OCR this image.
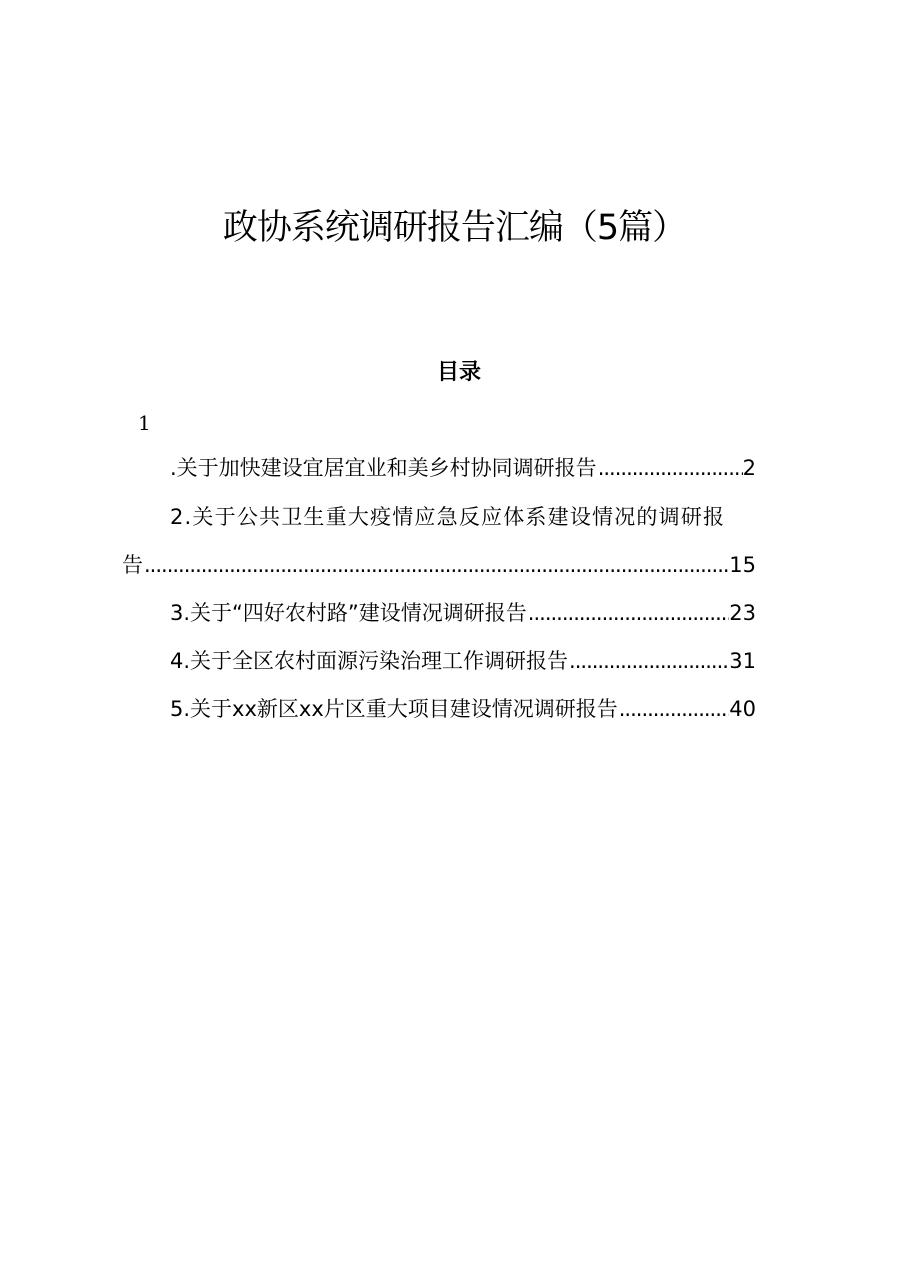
政协系统调研报告汇编（5篇）
目录
1
.关于加快建设宜居宜业和美乡村协同调研报告 .....	2
2.关于公共卫生重大疫情应急反应体系建设情况的调研报
告 .....	15
3.关于“四好农村路”建设情况调研报告 .....	23
4.关于全区农村面源污染治理工作调研报告 .....	31
5.关于xx新区xx片区重大项目建设情况调研报告 .....	40
